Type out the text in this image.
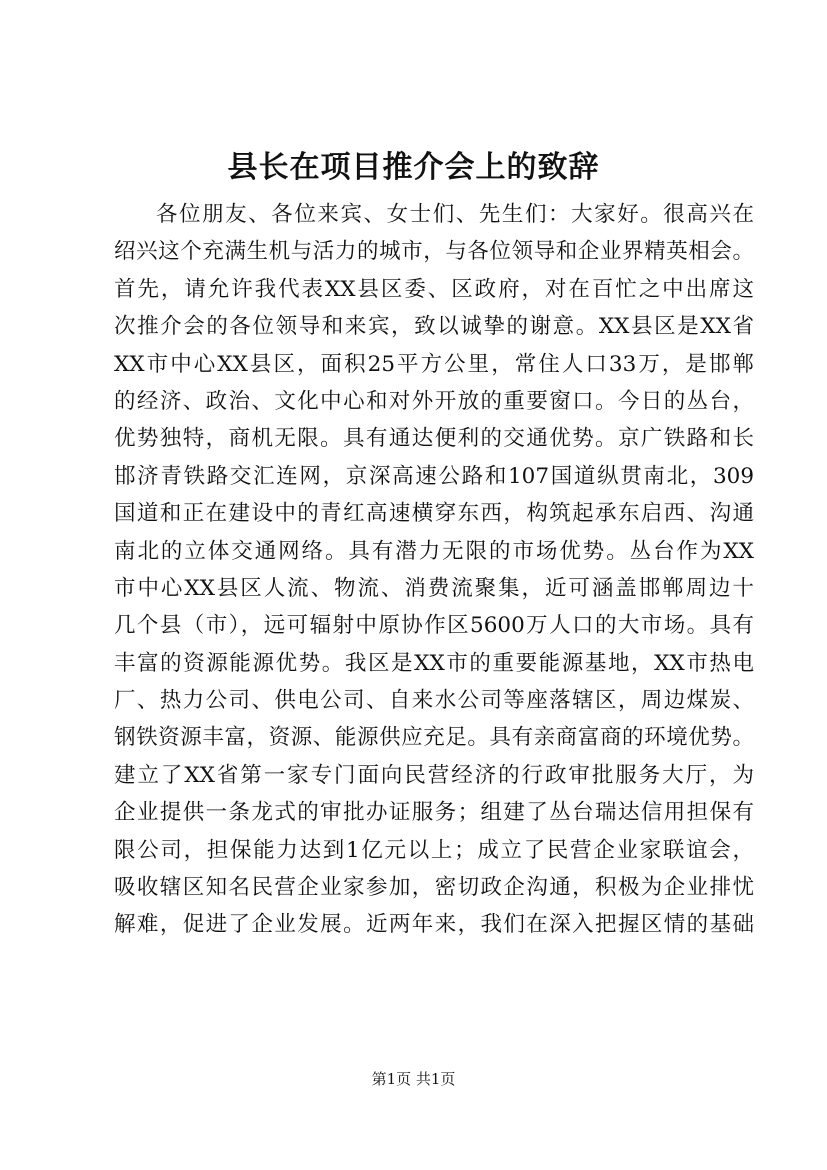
县长在项目推介会上的致辞
各位朋友、各位来宾、女士们、先生们：大家好。很高兴在
绍兴这个充满生机与活力的城市，与各位领导和企业界精英相会。
首先，请允许我代表XX县区委、区政府，对在百忙之中出席这
次推介会的各位领导和来宾，致以诚挚的谢意。XX县区是XX省
XX市中心XX县区，面积25平方公里，常住人口33万，是邯郸
的经济、政治、文化中心和对外开放的重要窗口。今日的丛台，
优势独特，商机无限。具有通达便利的交通优势。京广铁路和长
邯济青铁路交汇连网，京深高速公路和107国道纵贯南北，309
国道和正在建设中的青红高速横穿东西，构筑起承东启西、沟通
南北的立体交通网络。具有潜力无限的市场优势。丛台作为XX
市中心XX县区人流、物流、消费流聚集，近可涵盖邯郸周边十
几个县（市），远可辐射中原协作区5600万人口的大市场。具有
丰富的资源能源优势。我区是XX市的重要能源基地，XX市热电
厂、热力公司、供电公司、自来水公司等座落辖区，周边煤炭、
钢铁资源丰富，资源、能源供应充足。具有亲商富商的环境优势。
建立了XX省第一家专门面向民营经济的行政审批服务大厅，为
企业提供一条龙式的审批办证服务；组建了丛台瑞达信用担保有
限公司，担保能力达到1亿元以上；成立了民营企业家联谊会，
吸收辖区知名民营企业家参加，密切政企沟通，积极为企业排忧
解难，促进了企业发展。近两年来，我们在深入把握区情的基础
第1页 共1页
